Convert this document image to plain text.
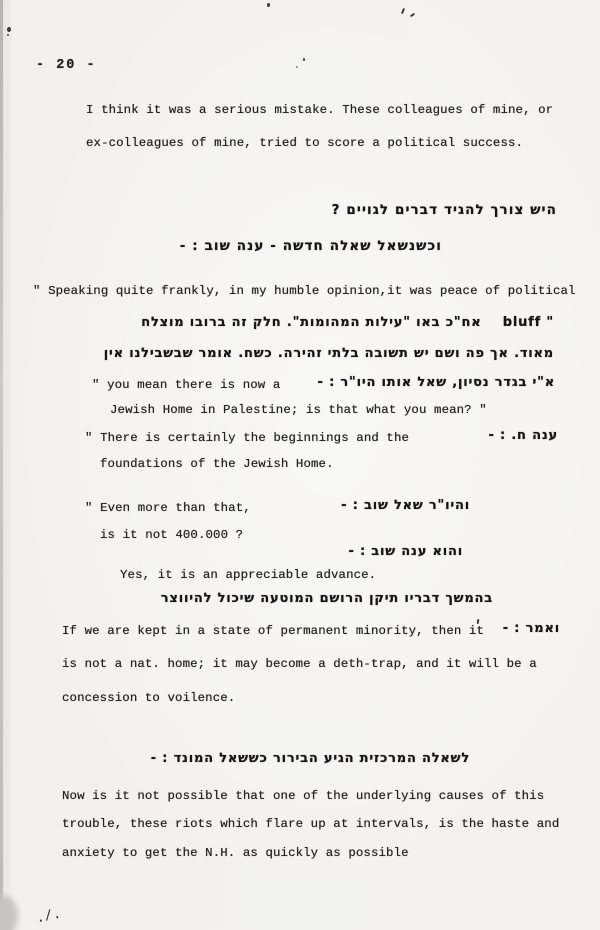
- 20 -
I think it was a serious mistake. These colleagues of mine, or
ex-colleagues of mine, tried to score a political success.
היש צורך להגיד דברים לגויים ?
וכשנשאל שאלה חדשה - ענה שוב : -
" Speaking quite frankly, in my humble opinion,it was peace of political
" bluff    אח"כ באו "עילות המהומות". חלק זה ברובו מוצלח
מאוד. אך פה ושם יש תשובה בלתי זהירה. כשח. אומר שבשבילנו אין
" you mean there is now a	א"י בגדר נסיון, שאל אותו היו"ר : -
Jewish Home in Palestine; is that what you mean? "
" There is certainly the beginnings and the	ענה ח. : -
foundations of the Jewish Home.
" Even more than that,	והיו"ר שאל שוב : -
is it not 400.000 ?
והוא ענה שוב : -
Yes, it is an appreciable advance.
בהמשך דבריו תיקן הרושם המוטעה שיכול להיווצר
If we are kept in a state of permanent minority, then it ואמר : -
is not a nat. home; it may become a deth-trap, and it will be a
concession to voilence.
לשאלה המרכזית הגיע הבירור כששאל המונד : -
Now is it not possible that one of the underlying causes of this
trouble, these riots which flare up at intervals, is the haste and
anxiety to get the N.H. as quickly as possible
./.
